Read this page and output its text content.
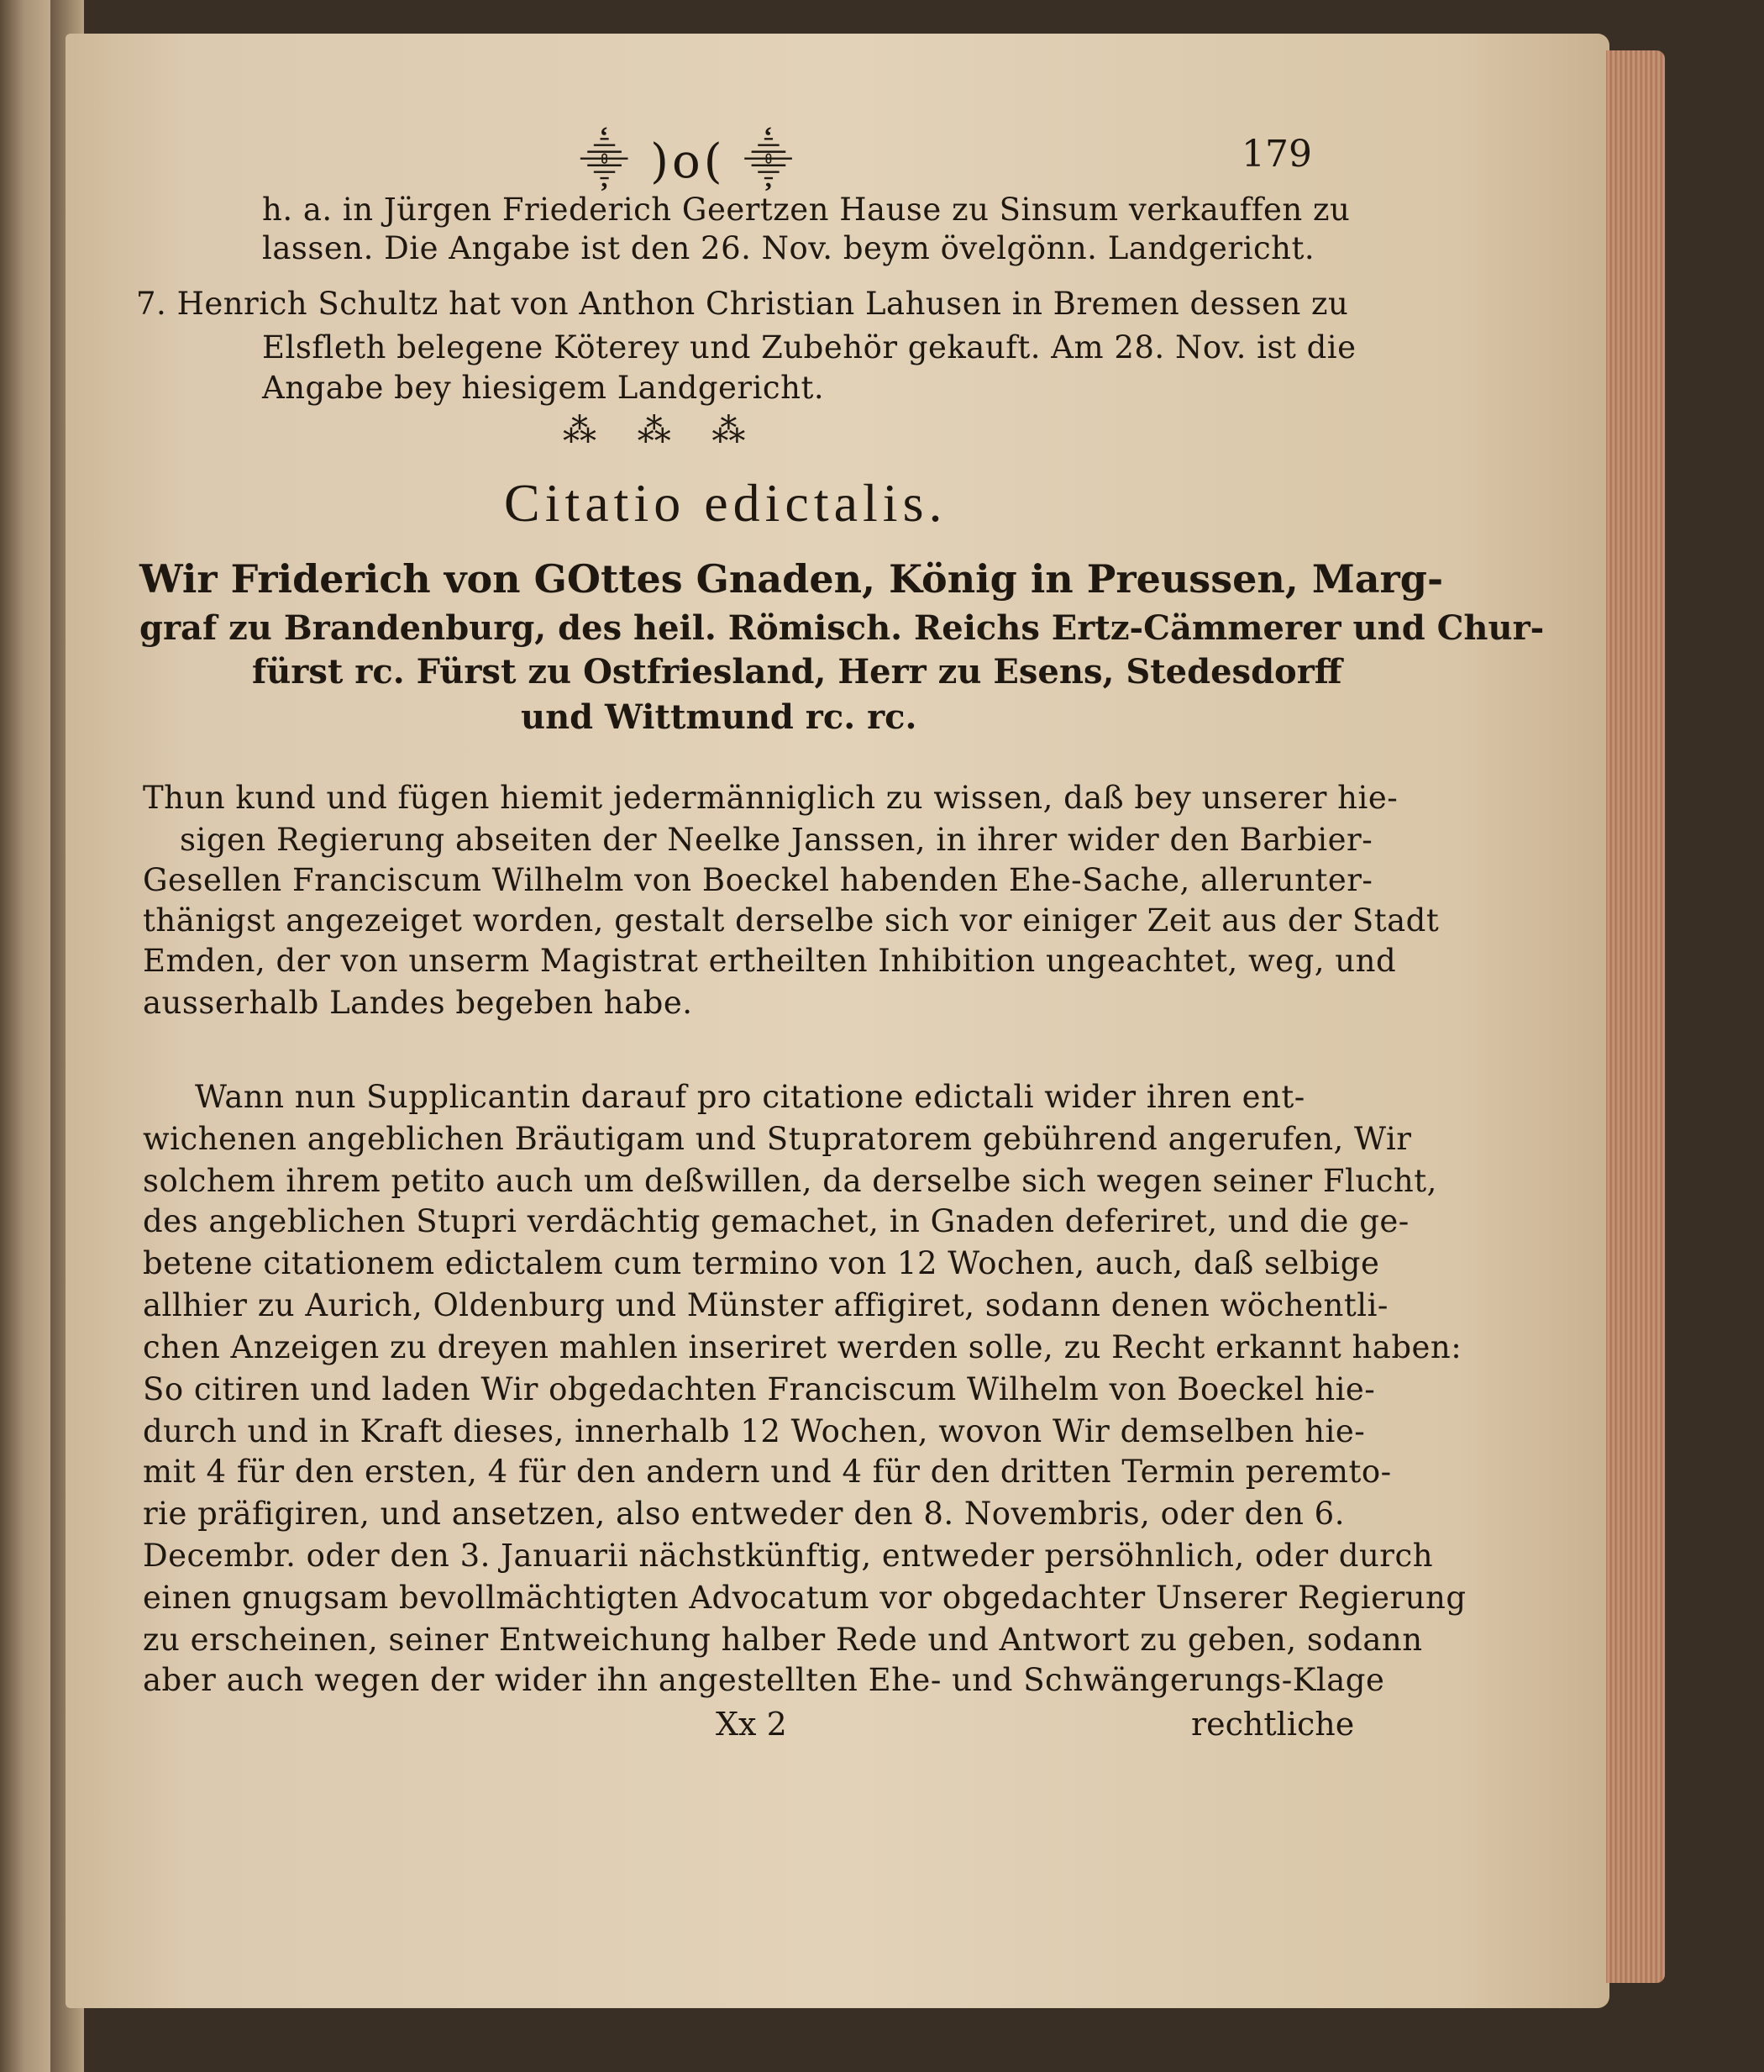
⸎ )o( ⸎	179
h. a. in Jürgen Friederich Geertzen Hause zu Sinsum verkauffen zu
lassen. Die Angabe ist den 26. Nov. beym övelgönn. Landgericht.
7. Henrich Schultz hat von Anthon Christian Lahusen in Bremen dessen zu
Elsfleth belegene Köterey und Zubehör gekauft. Am 28. Nov. ist die
Angabe bey hiesigem Landgericht.
⁂ ⁂ ⁂
Citatio edictalis.
Wir Friderich von GOttes Gnaden, König in Preussen, Marg-
graf zu Brandenburg, des heil. Römisch. Reichs Ertz-Cämmerer und Chur-
fürst rc. Fürst zu Ostfriesland, Herr zu Esens, Stedesdorff
und Wittmund rc. rc.
Thun kund und fügen hiemit jedermänniglich zu wissen, daß bey unserer hie-
sigen Regierung abseiten der Neelke Janssen, in ihrer wider den Barbier-
Gesellen Franciscum Wilhelm von Boeckel habenden Ehe-Sache, allerunter-
thänigst angezeiget worden, gestalt derselbe sich vor einiger Zeit aus der Stadt
Emden, der von unserm Magistrat ertheilten Inhibition ungeachtet, weg, und
ausserhalb Landes begeben habe.
Wann nun Supplicantin darauf pro citatione edictali wider ihren ent-
wichenen angeblichen Bräutigam und Stupratorem gebührend angerufen, Wir
solchem ihrem petito auch um deßwillen, da derselbe sich wegen seiner Flucht,
des angeblichen Stupri verdächtig gemachet, in Gnaden deferiret, und die ge-
betene citationem edictalem cum termino von 12 Wochen, auch, daß selbige
allhier zu Aurich, Oldenburg und Münster affigiret, sodann denen wöchentli-
chen Anzeigen zu dreyen mahlen inseriret werden solle, zu Recht erkannt haben:
So citiren und laden Wir obgedachten Franciscum Wilhelm von Boeckel hie-
durch und in Kraft dieses, innerhalb 12 Wochen, wovon Wir demselben hie-
mit 4 für den ersten, 4 für den andern und 4 für den dritten Termin peremto-
rie präfigiren, und ansetzen, also entweder den 8. Novembris, oder den 6.
Decembr. oder den 3. Januarii nächstkünftig, entweder persöhnlich, oder durch
einen gnugsam bevollmächtigten Advocatum vor obgedachter Unserer Regierung
zu erscheinen, seiner Entweichung halber Rede und Antwort zu geben, sodann
aber auch wegen der wider ihn angestellten Ehe- und Schwängerungs-Klage
Xx 2	rechtliche
